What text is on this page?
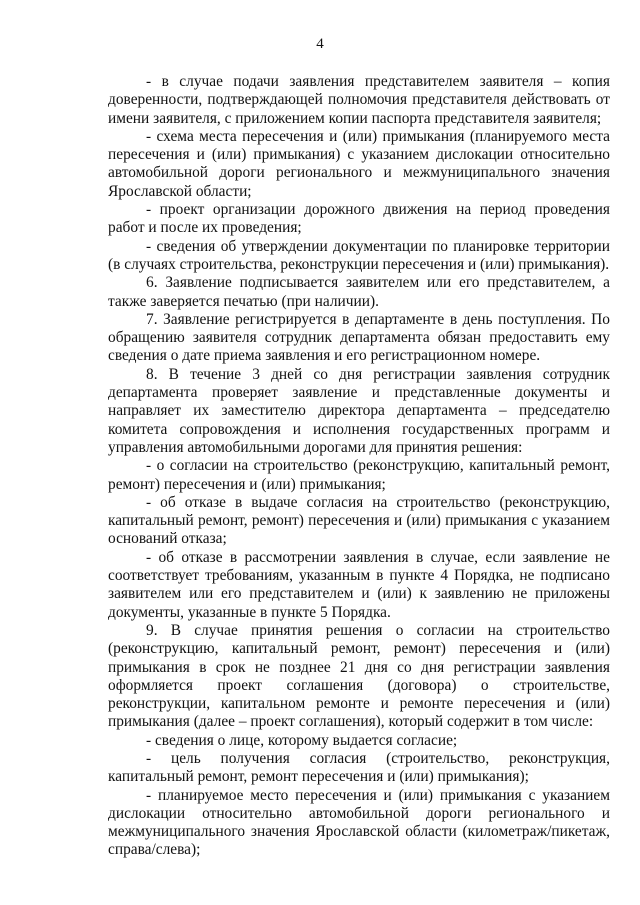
4

- в случае подачи заявления представителем заявителя – копия доверенности, подтверждающей полномочия представителя действовать от имени заявителя, с приложением копии паспорта представителя заявителя;

- схема места пересечения и (или) примыкания (планируемого места пересечения и (или) примыкания) с указанием дислокации относительно автомобильной дороги регионального и межмуниципального значения Ярославской области;

- проект организации дорожного движения на период проведения работ и после их проведения;

- сведения об утверждении документации по планировке территории (в случаях строительства, реконструкции пересечения и (или) примыкания).

6. Заявление подписывается заявителем или его представителем, а также заверяется печатью (при наличии).

7. Заявление регистрируется в департаменте в день поступления. По обращению заявителя сотрудник департамента обязан предоставить ему сведения о дате приема заявления и его регистрационном номере.

8. В течение 3 дней со дня регистрации заявления сотрудник департамента проверяет заявление и представленные документы и направляет их заместителю директора департамента – председателю комитета сопровождения и исполнения государственных программ и управления автомобильными дорогами для принятия решения:

- о согласии на строительство (реконструкцию, капитальный ремонт, ремонт) пересечения и (или) примыкания;

- об отказе в выдаче согласия на строительство (реконструкцию, капитальный ремонт, ремонт) пересечения и (или) примыкания с указанием оснований отказа;

- об отказе в рассмотрении заявления в случае, если заявление не соответствует требованиям, указанным в пункте 4 Порядка, не подписано заявителем или его представителем и (или) к заявлению не приложены документы, указанные в пункте 5 Порядка.

9. В случае принятия решения о согласии на строительство (реконструкцию, капитальный ремонт, ремонт) пересечения и (или) примыкания в срок не позднее 21 дня со дня регистрации заявления оформляется проект соглашения (договора) о строительстве, реконструкции, капитальном ремонте и ремонте пересечения и (или) примыкания (далее – проект соглашения), который содержит в том числе:

- сведения о лице, которому выдается согласие;

- цель получения согласия (строительство, реконструкция, капитальный ремонт, ремонт пересечения и (или) примыкания);

- планируемое место пересечения и (или) примыкания с указанием дислокации относительно автомобильной дороги регионального и межмуниципального значения Ярославской области (километраж/пикетаж, справа/слева);
